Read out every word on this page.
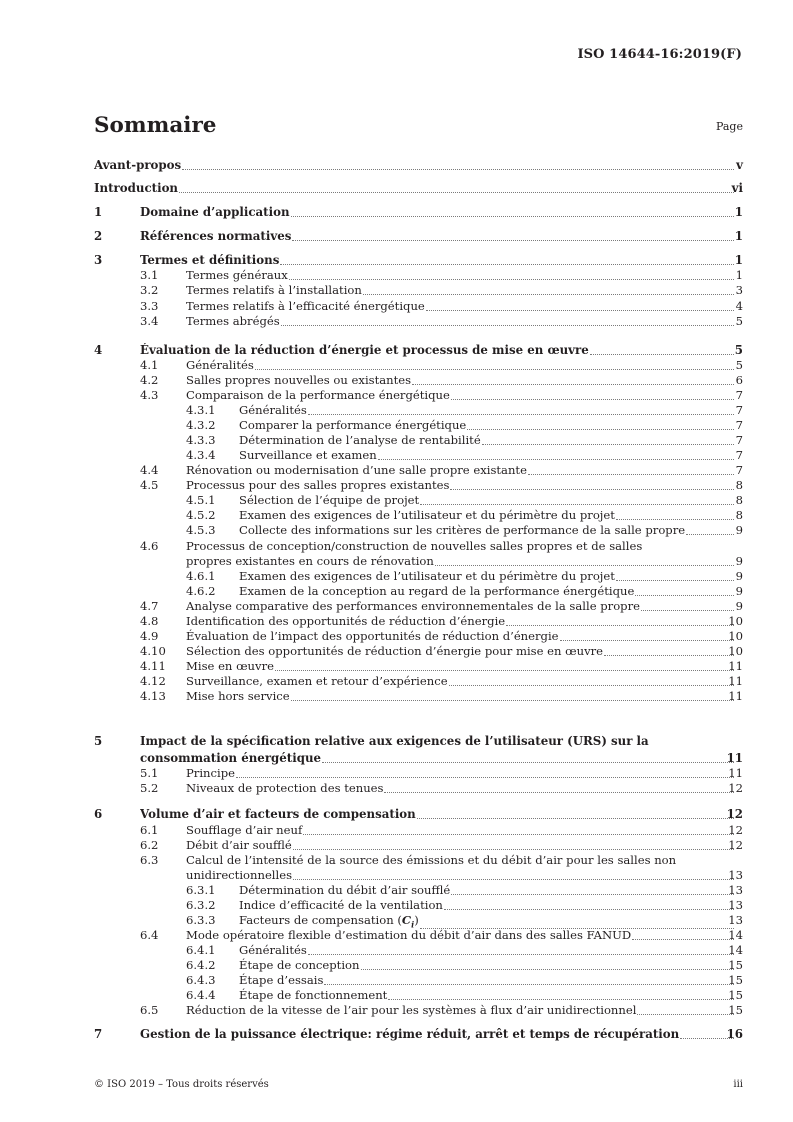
ISO 14644-16:2019(F)
Sommaire	Page
Avant-propos	v
Introduction	vi
1	Domaine d’application	1
2	Références normatives	1
3	Termes et définitions	1
3.1 Termes généraux	1
3.2 Termes relatifs à l’installation	3
3.3 Termes relatifs à l’efficacité énergétique	4
3.4 Termes abrégés	5
4	Évaluation de la réduction d’énergie et processus de mise en œuvre	5
4.1 Généralités	5
4.2 Salles propres nouvelles ou existantes	6
4.3 Comparaison de la performance énergétique	7
4.3.1 Généralités	7
4.3.2 Comparer la performance énergétique	7
4.3.3 Détermination de l’analyse de rentabilité	7
4.3.4 Surveillance et examen	7
4.4 Rénovation ou modernisation d’une salle propre existante	7
4.5 Processus pour des salles propres existantes	8
4.5.1 Sélection de l’équipe de projet	8
4.5.2 Examen des exigences de l’utilisateur et du périmètre du projet	8
4.5.3 Collecte des informations sur les critères de performance de la salle propre	9
4.6 Processus de conception/construction de nouvelles salles propres et de salles
propres existantes en cours de rénovation	9
4.6.1 Examen des exigences de l’utilisateur et du périmètre du projet	9
4.6.2 Examen de la conception au regard de la performance énergétique	9
4.7 Analyse comparative des performances environnementales de la salle propre	9
4.8 Identification des opportunités de réduction d’énergie	10
4.9 Évaluation de l’impact des opportunités de réduction d’énergie	10
4.10 Sélection des opportunités de réduction d’énergie pour mise en œuvre	10
4.11 Mise en œuvre	11
4.12 Surveillance, examen et retour d’expérience	11
4.13 Mise hors service	11
5	Impact de la spécification relative aux exigences de l’utilisateur (URS) sur la
consommation énergétique	11
5.1 Principe	11
5.2 Niveaux de protection des tenues	12
6	Volume d’air et facteurs de compensation	12
6.1 Soufflage d’air neuf	12
6.2 Débit d’air soufflé	12
6.3 Calcul de l’intensité de la source des émissions et du débit d’air pour les salles non
unidirectionnelles	13
6.3.1 Détermination du débit d’air soufflé	13
6.3.2 Indice d’efficacité de la ventilation	13
6.3.3 Facteurs de compensation $(C_i)$	13
6.4 Mode opératoire flexible d’estimation du débit d’air dans des salles FANUD	14
6.4.1 Généralités	14
6.4.2 Étape de conception	15
6.4.3 Étape d’essais	15
6.4.4 Étape de fonctionnement	15
6.5 Réduction de la vitesse de l’air pour les systèmes à flux d’air unidirectionnel	15
7	Gestion de la puissance électrique: régime réduit, arrêt et temps de récupération	16
© ISO 2019 – Tous droits réservés	iii
